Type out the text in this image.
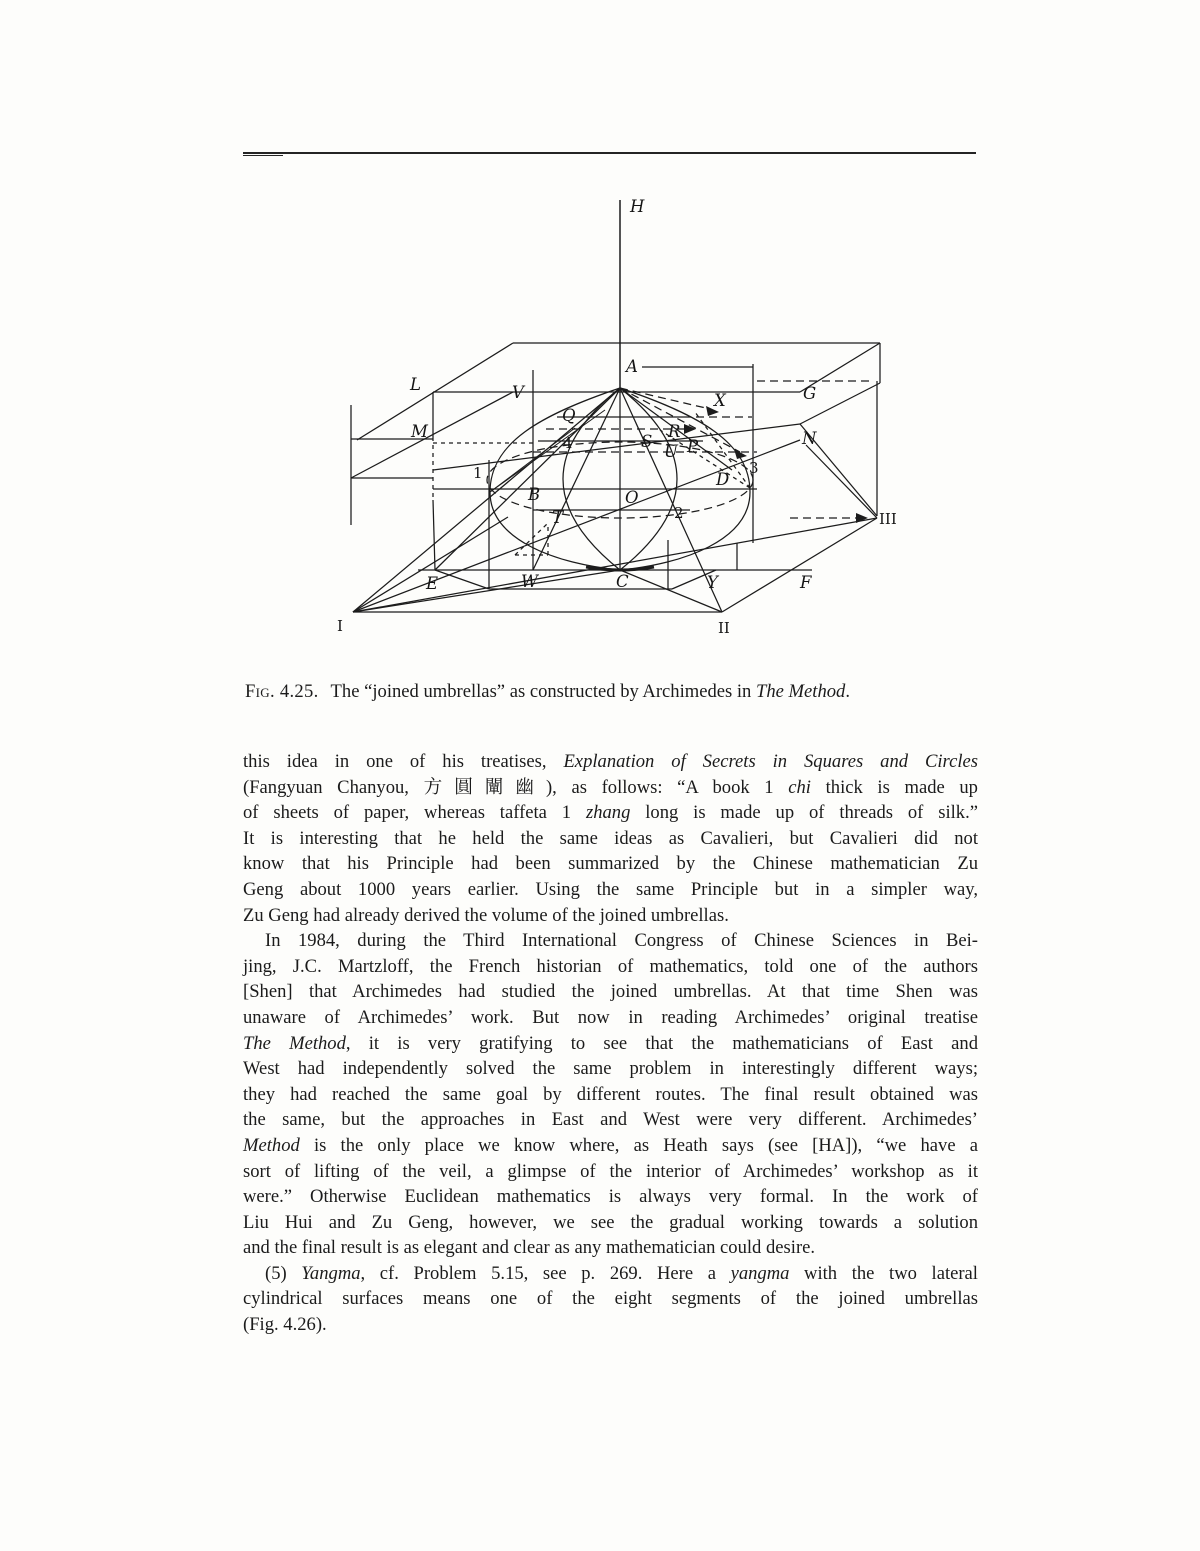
H
A
L
M
V	X	G
N
Q
4
R
S
U P
1
B	O
T	2
D
3
E	W	C	Y	F
I	II
III
Fig. 4.25. The “joined umbrellas” as constructed by Archimedes in The Method.
this idea in one of his treatises, Explanation of Secrets in Squares and Circles
(Fangyuan Chanyou, 方圓闡幽), as follows: “A book 1 chi thick is made up
of sheets of paper, whereas taffeta 1 zhang long is made up of threads of silk.”
It is interesting that he held the same ideas as Cavalieri, but Cavalieri did not
know that his Principle had been summarized by the Chinese mathematician Zu
Geng about 1000 years earlier. Using the same Principle but in a simpler way,
Zu Geng had already derived the volume of the joined umbrellas.
In 1984, during the Third International Congress of Chinese Sciences in Bei-
jing, J.C. Martzloff, the French historian of mathematics, told one of the authors
[Shen] that Archimedes had studied the joined umbrellas. At that time Shen was
unaware of Archimedes’ work. But now in reading Archimedes’ original treatise
The Method, it is very gratifying to see that the mathematicians of East and
West had independently solved the same problem in interestingly different ways;
they had reached the same goal by different routes. The final result obtained was
the same, but the approaches in East and West were very different. Archimedes’
Method is the only place we know where, as Heath says (see [HA]), “we have a
sort of lifting of the veil, a glimpse of the interior of Archimedes’ workshop as it
were.” Otherwise Euclidean mathematics is always very formal. In the work of
Liu Hui and Zu Geng, however, we see the gradual working towards a solution
and the final result is as elegant and clear as any mathematician could desire.
(5) Yangma, cf. Problem 5.15, see p. 269. Here a yangma with the two lateral
cylindrical surfaces means one of the eight segments of the joined umbrellas
(Fig. 4.26).
